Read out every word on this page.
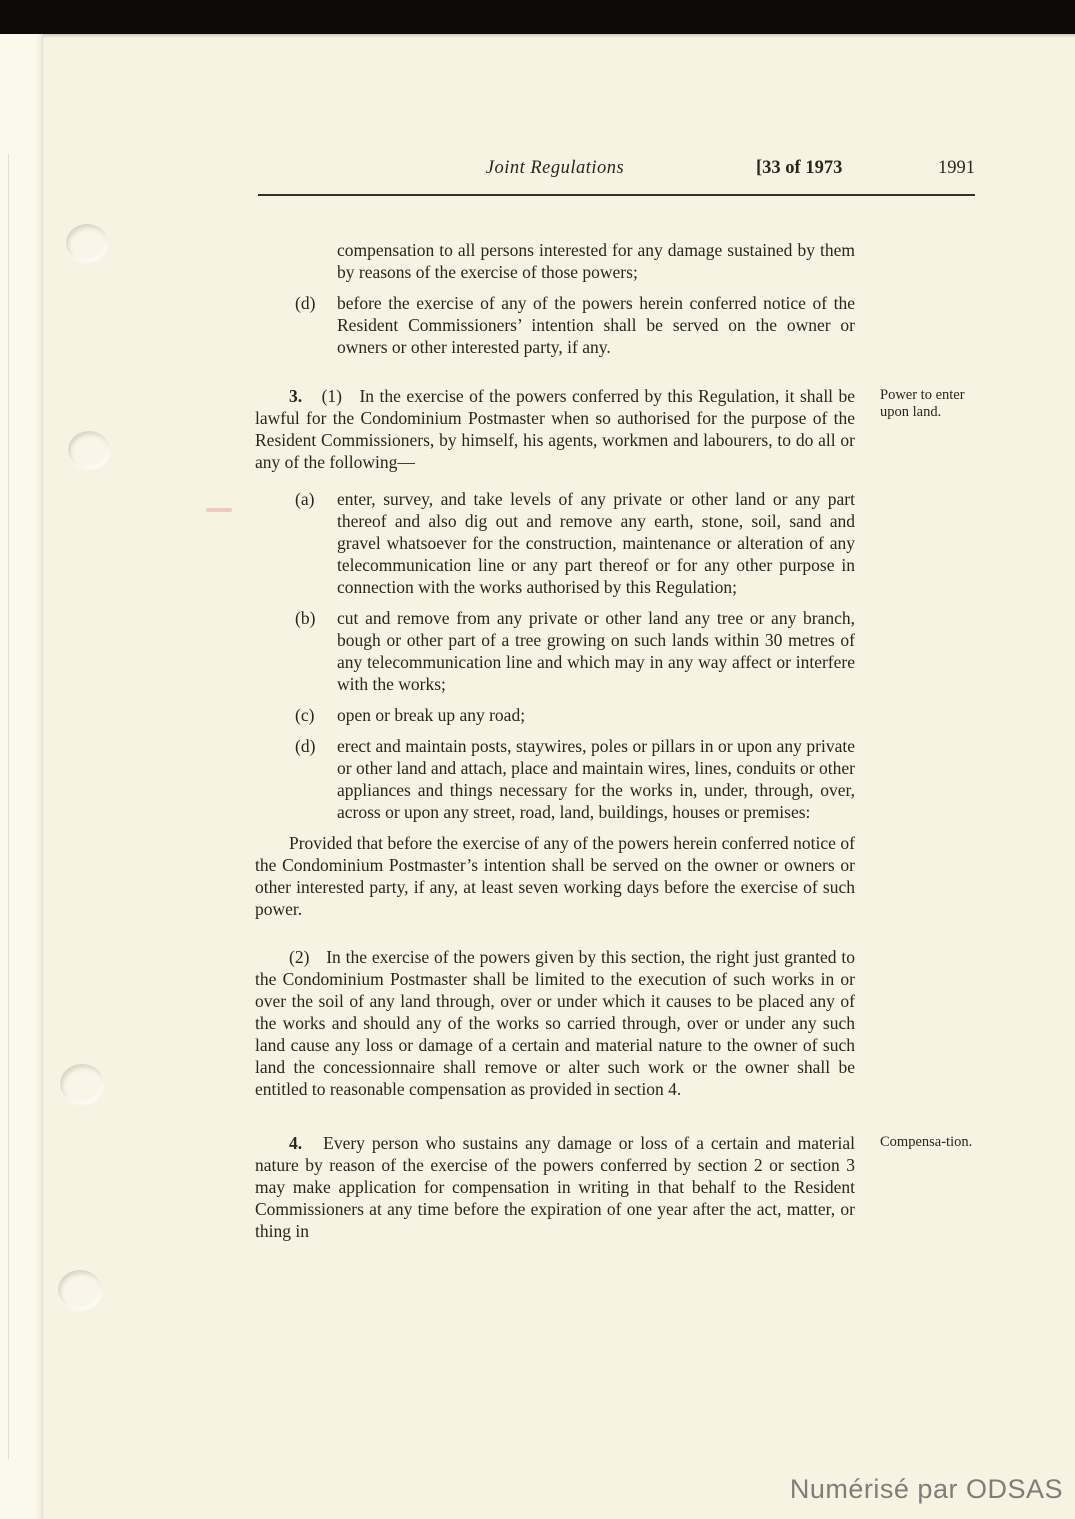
Joint Regulations	[33 of 1973	1991
compensation to all persons interested for any damage sustained by them by reasons of the exercise of those powers;
(d)	before the exercise of any of the powers herein conferred notice of the Resident Commissioners’ intention shall be served on the owner or owners or other interested party, if any.

3. (1) In the exercise of the powers conferred by this Regulation, it shall be lawful for the Condominium Postmaster when so authorised for the purpose of the Resident Commissioners, by himself, his agents, workmen and labourers, to do all or any of the following—
Power to enter upon land.

(a)	enter, survey, and take levels of any private or other land or any part thereof and also dig out and remove any earth, stone, soil, sand and gravel whatsoever for the construction, maintenance or alteration of any telecommunication line or any part thereof or for any other purpose in connection with the works authorised by this Regulation;
(b)	cut and remove from any private or other land any tree or any branch, bough or other part of a tree growing on such lands within 30 metres of any telecommunication line and which may in any way affect or interfere with the works;
(c)	open or break up any road;
(d)	erect and maintain posts, staywires, poles or pillars in or upon any private or other land and attach, place and maintain wires, lines, conduits or other appliances and things necessary for the works in, under, through, over, across or upon any street, road, land, buildings, houses or premises:

Provided that before the exercise of any of the powers herein conferred notice of the Condominium Postmaster’s intention shall be served on the owner or owners or other interested party, if any, at least seven working days before the exercise of such power.

(2) In the exercise of the powers given by this section, the right just granted to the Condominium Postmaster shall be limited to the execution of such works in or over the soil of any land through, over or under which it causes to be placed any of the works and should any of the works so carried through, over or under any such land cause any loss or damage of a certain and material nature to the owner of such land the concessionnaire shall remove or alter such work or the owner shall be entitled to reasonable compensation as provided in section 4.

4. Every person who sustains any damage or loss of a certain and material nature by reason of the exercise of the powers conferred by section 2 or section 3 may make application for compensation in writing in that behalf to the Resident Commissioners at any time before the expiration of one year after the act, matter, or thing in
Compensa-tion.

Numérisé par ODSAS
